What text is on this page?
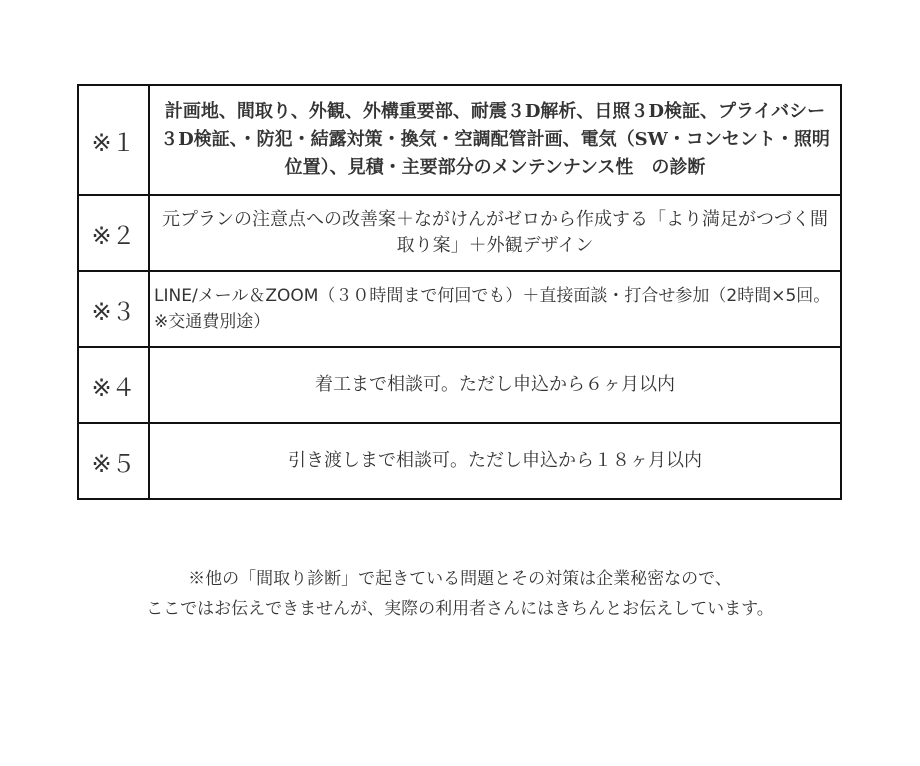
※１	計画地、間取り、外観、外構重要部、耐震３D解析、日照３D検証、プライバシー３D検証、・防犯・結露対策・換気・空調配管計画、電気（SW・コンセント・照明位置）、見積・主要部分のメンテンナンス性　の診断
※２	元プランの注意点への改善案＋ながけんがゼロから作成する「より満足がつづく間取り案」＋外観デザイン
※３	LINE/メール＆ZOOM（３０時間まで何回でも）＋直接面談・打合せ参加（2時間×5回。※交通費別途）
※４	着工まで相談可。ただし申込から６ヶ月以内
※５	引き渡しまで相談可。ただし申込から１８ヶ月以内
※他の「間取り診断」で起きている問題とその対策は企業秘密なので、
ここではお伝えできませんが、実際の利用者さんにはきちんとお伝えしています。
